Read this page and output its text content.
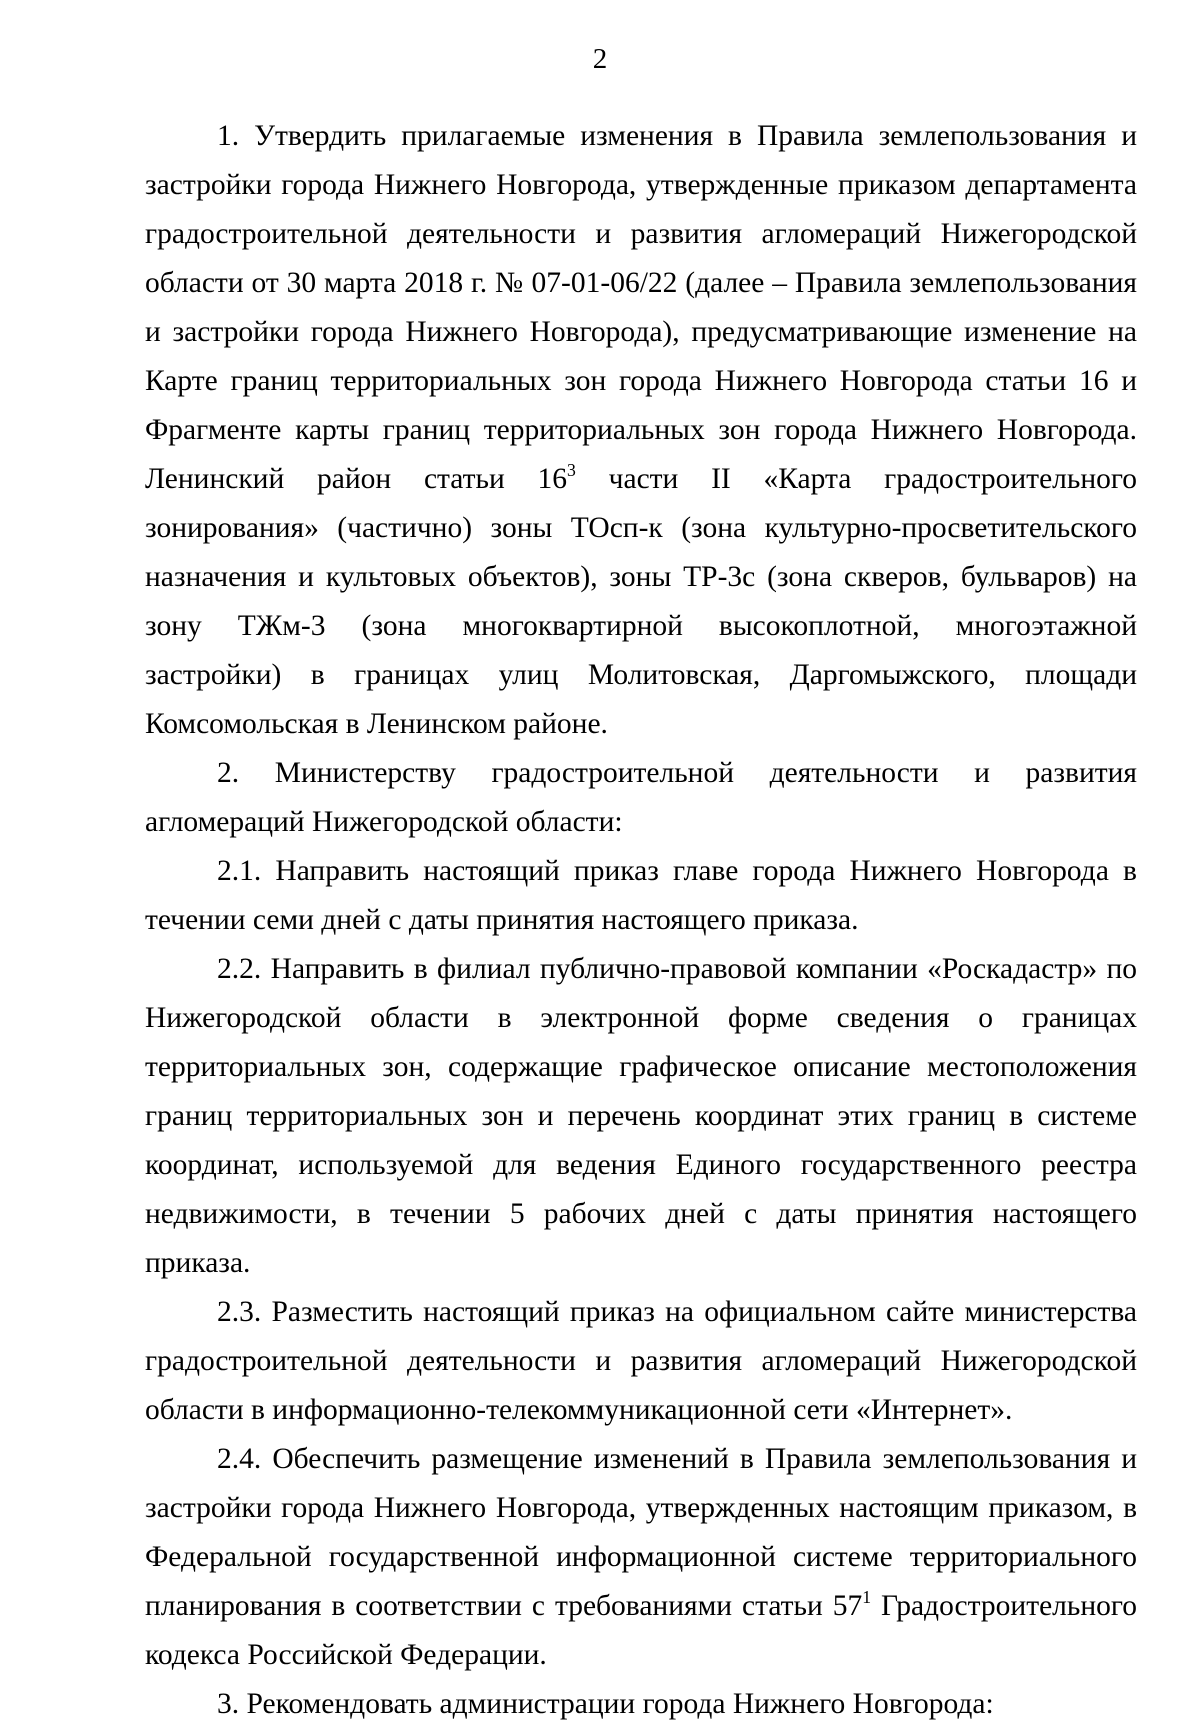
2

1. Утвердить прилагаемые изменения в Правила землепользования и застройки города Нижнего Новгорода, утвержденные приказом департамента градостроительной деятельности и развития агломераций Нижегородской области от 30 марта 2018 г. № 07-01-06/22 (далее – Правила землепользования и застройки города Нижнего Новгорода), предусматривающие изменение на Карте границ территориальных зон города Нижнего Новгорода статьи 16 и Фрагменте карты границ территориальных зон города Нижнего Новгорода. Ленинский район статьи $16^3$ части II «Карта градостроительного зонирования» (частично) зоны ТОсп-к (зона культурно-просветительского назначения и культовых объектов), зоны ТР-3с (зона скверов, бульваров) на зону ТЖм-3 (зона многоквартирной высокоплотной, многоэтажной застройки) в границах улиц Молитовская, Даргомыжского, площади Комсомольская в Ленинском районе.

2. Министерству градостроительной деятельности и развития агломераций Нижегородской области:

2.1. Направить настоящий приказ главе города Нижнего Новгорода в течении семи дней с даты принятия настоящего приказа.

2.2. Направить в филиал публично-правовой компании «Роскадастр» по Нижегородской области в электронной форме сведения о границах территориальных зон, содержащие графическое описание местоположения границ территориальных зон и перечень координат этих границ в системе координат, используемой для ведения Единого государственного реестра недвижимости, в течении 5 рабочих дней с даты принятия настоящего приказа.

2.3. Разместить настоящий приказ на официальном сайте министерства градостроительной деятельности и развития агломераций Нижегородской области в информационно-телекоммуникационной сети «Интернет».

2.4. Обеспечить размещение изменений в Правила землепользования и застройки города Нижнего Новгорода, утвержденных настоящим приказом, в Федеральной государственной информационной системе территориального планирования в соответствии с требованиями статьи $57^1$ Градостроительного кодекса Российской Федерации.

3. Рекомендовать администрации города Нижнего Новгорода:
